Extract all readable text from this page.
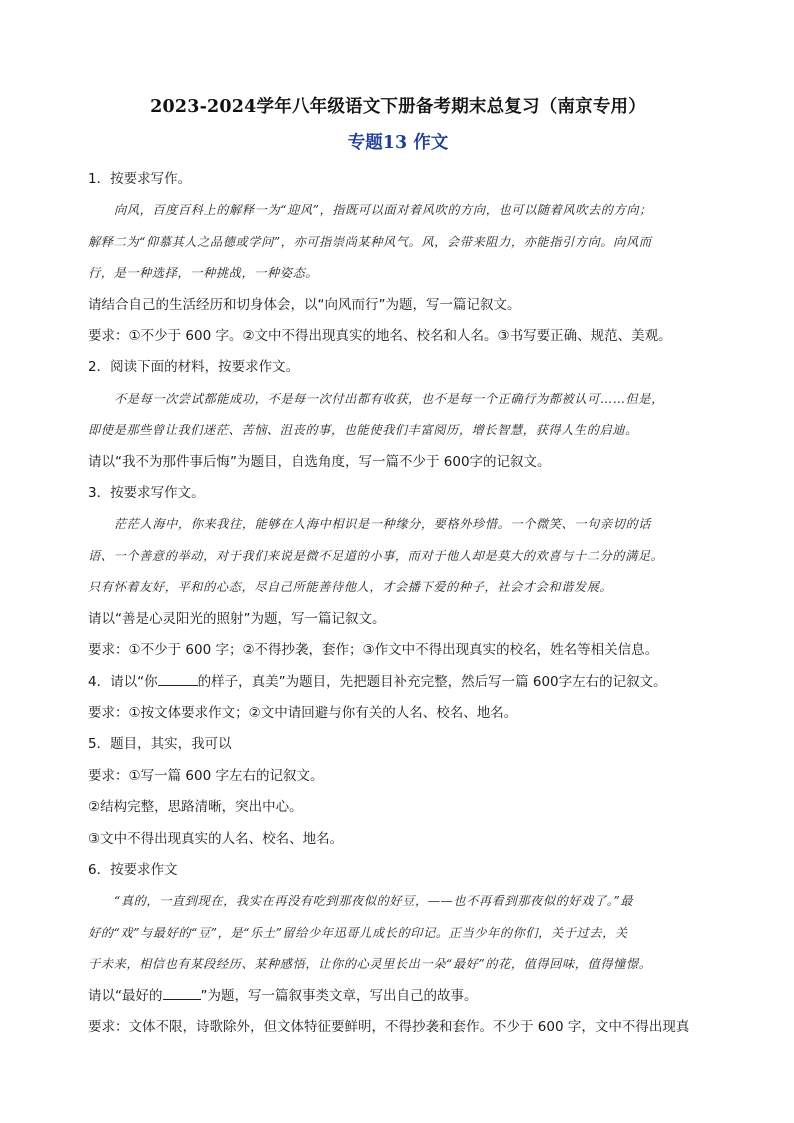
2023-2024学年八年级语文下册备考期末总复习（南京专用）
专题13 作文

1．按要求写作。

向风，百度百科上的解释一为“迎风”，指既可以面对着风吹的方向，也可以随着风吹去的方向；

解释二为“仰慕其人之品德或学问”，亦可指崇尚某种风气。风，会带来阻力，亦能指引方向。向风而

行，是一种选择，一种挑战，一种姿态。

请结合自己的生活经历和切身体会，以“向风而行”为题，写一篇记叙文。

要求：①不少于 600 字。②文中不得出现真实的地名、校名和人名。③书写要正确、规范、美观。

2．阅读下面的材料，按要求作文。

不是每一次尝试都能成功，不是每一次付出都有收获，也不是每一个正确行为都被认可……但是，

即使是那些曾让我们迷茫、苦恼、沮丧的事，也能使我们丰富阅历，增长智慧，获得人生的启迪。

请以“我不为那件事后悔”为题目，自选角度，写一篇不少于 600字的记叙文。

3．按要求写作文。

茫茫人海中，你来我往，能够在人海中相识是一种缘分，要格外珍惜。一个微笑、一句亲切的话

语、一个善意的举动，对于我们来说是微不足道的小事，而对于他人却是莫大的欢喜与十二分的满足。

只有怀着友好，平和的心态，尽自己所能善待他人，才会播下爱的种子，社会才会和谐发展。

请以“善是心灵阳光的照射”为题，写一篇记叙文。

要求：①不少于 600 字；②不得抄袭，套作；③作文中不得出现真实的校名，姓名等相关信息。

4．请以“你	的样子，真美”为题目，先把题目补充完整，然后写一篇 600字左右的记叙文。

要求：①按文体要求作文；②文中请回避与你有关的人名、校名、地名。

5．题目，其实，我可以

要求：①写一篇 600 字左右的记叙文。

②结构完整，思路清晰，突出中心。

③文中不得出现真实的人名、校名、地名。

6．按要求作文

“真的，一直到现在，我实在再没有吃到那夜似的好豆，——也不再看到那夜似的好戏了。”最

好的“戏”与最好的“豆”，是“乐土”留给少年迅哥儿成长的印记。正当少年的你们，关于过去，关

于未来，相信也有某段经历、某种感悟，让你的心灵里长出一朵“最好”的花，值得回味，值得憧憬。

请以“最好的	”为题，写一篇叙事类文章，写出自己的故事。

要求：文体不限，诗歌除外，但文体特征要鲜明，不得抄袭和套作。不少于 600 字，文中不得出现真
